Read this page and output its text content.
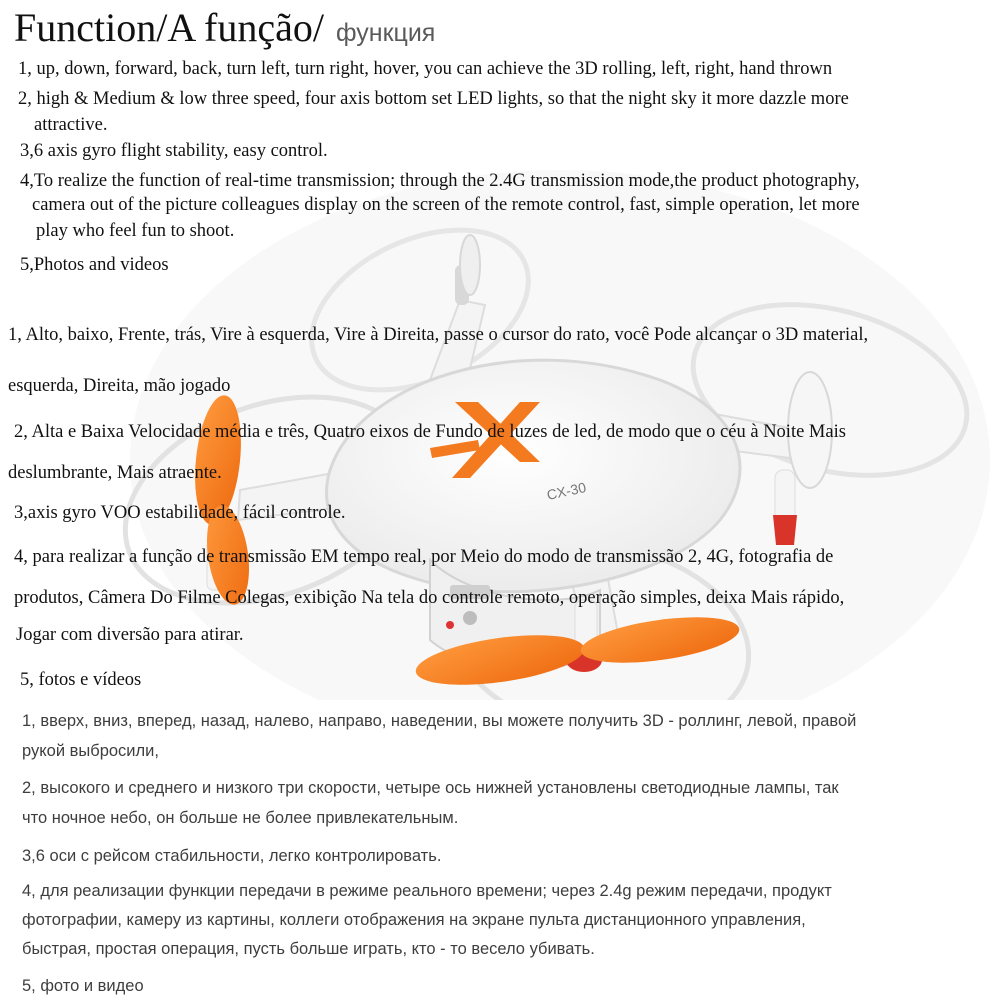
CX-30
Function/A função/ функция
1, up, down, forward, back, turn left, turn right, hover, you can achieve the 3D rolling, left, right, hand thrown
2, high & Medium & low three speed, four axis bottom set LED lights, so that the night sky it more dazzle more
attractive.
3,6 axis gyro flight stability, easy control.
4,To realize the function of real-time transmission; through the 2.4G transmission mode,the product photography,
camera out of the picture colleagues display on the screen of the remote control, fast, simple operation, let more
play who feel fun to shoot.
5,Photos and videos
1, Alto, baixo, Frente, trás, Vire à esquerda, Vire à Direita, passe o cursor do rato, você Pode alcançar o 3D material,
esquerda, Direita, mão jogado
2, Alta e Baixa Velocidade média e três, Quatro eixos de Fundo de luzes de led, de modo que o céu à Noite Mais
deslumbrante, Mais atraente.
3,axis gyro VOO estabilidade, fácil controle.
4, para realizar a função de transmissão EM tempo real, por Meio do modo de transmissão 2, 4G, fotografia de
produtos, Câmera Do Filme Colegas, exibição Na tela do controle remoto, operação simples, deixa Mais rápido,
Jogar com diversão para atirar.
5, fotos e vídeos
1, вверх, вниз, вперед, назад, налево, направо, наведении, вы можете получить 3D - роллинг, левой, правой
рукой выбросили,
2, высокого и среднего и низкого три скорости, четыре ось нижней установлены светодиодные лампы, так
что ночное небо, он больше не более привлекательным.
3,6 оси с рейсом стабильности, легко контролировать.
4, для реализации функции передачи в режиме реального времени; через 2.4g режим передачи, продукт
фотографии, камеру из картины, коллеги отображения на экране пульта дистанционного управления,
быстрая, простая операция, пусть больше играть, кто - то весело убивать.
5, фото и видео
